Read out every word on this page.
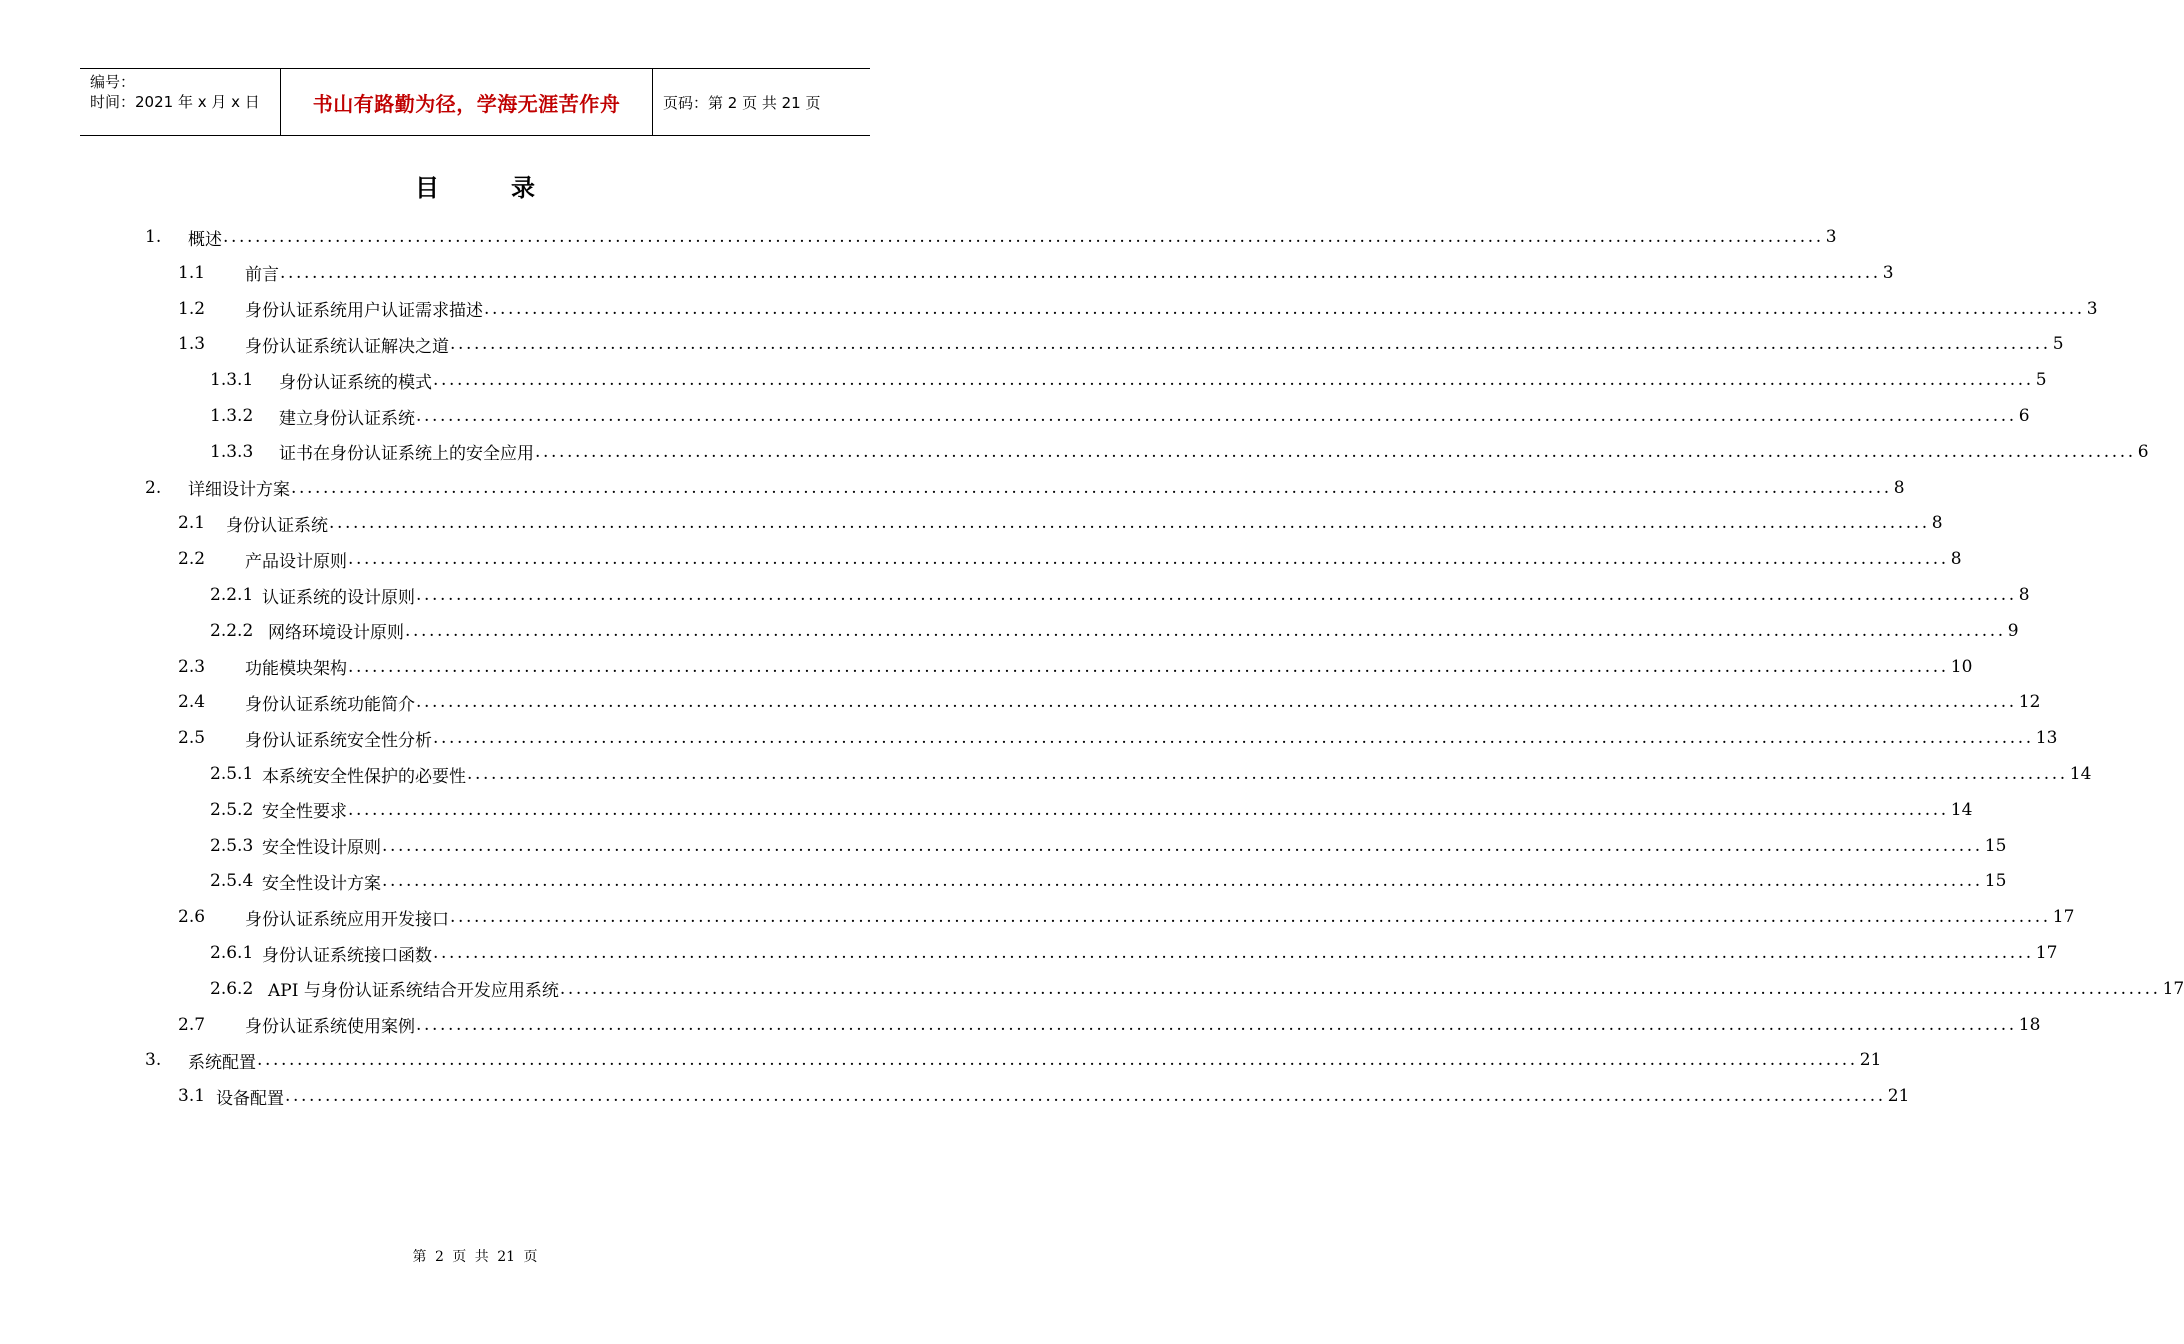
编号：
时间：2021 年 x 月 x 日	书山有路勤为径，学海无涯苦作舟	页码：第 2 页 共 21 页
目	录
1.	概述 ........................................................................................................................................................................................................ 3
1.1	前言 ........................................................................................................................................................................................................ 3
1.2	身份认证系统用户认证需求描述 ........................................................................................................................................................................................................ 3
1.3	身份认证系统认证解决之道 ........................................................................................................................................................................................................ 5
1.3.1	身份认证系统的模式 ........................................................................................................................................................................................................ 5
1.3.2	建立身份认证系统 ........................................................................................................................................................................................................ 6
1.3.3	证书在身份认证系统上的安全应用 ........................................................................................................................................................................................................ 6
2.	详细设计方案 ........................................................................................................................................................................................................ 8
2.1	身份认证系统 ........................................................................................................................................................................................................ 8
2.2	产品设计原则 ........................................................................................................................................................................................................ 8
2.2.1 认证系统的设计原则 ........................................................................................................................................................................................................ 8
2.2.2 网络环境设计原则 ........................................................................................................................................................................................................ 9
2.3	功能模块架构 ........................................................................................................................................................................................................ 10
2.4	身份认证系统功能简介 ........................................................................................................................................................................................................ 12
2.5	身份认证系统安全性分析 ........................................................................................................................................................................................................ 13
2.5.1 本系统安全性保护的必要性 ........................................................................................................................................................................................................ 14
2.5.2 安全性要求 ........................................................................................................................................................................................................ 14
2.5.3 安全性设计原则 ........................................................................................................................................................................................................ 15
2.5.4 安全性设计方案 ........................................................................................................................................................................................................ 15
2.6	身份认证系统应用开发接口 ........................................................................................................................................................................................................ 17
2.6.1 身份认证系统接口函数 ........................................................................................................................................................................................................ 17
2.6.2 API 与身份认证系统结合开发应用系统 ........................................................................................................................................................................................................ 17
2.7	身份认证系统使用案例 ........................................................................................................................................................................................................ 18
3.	系统配置 ........................................................................................................................................................................................................ 21
3.1 设备配置 ........................................................................................................................................................................................................ 21
第 2 页 共 21 页
